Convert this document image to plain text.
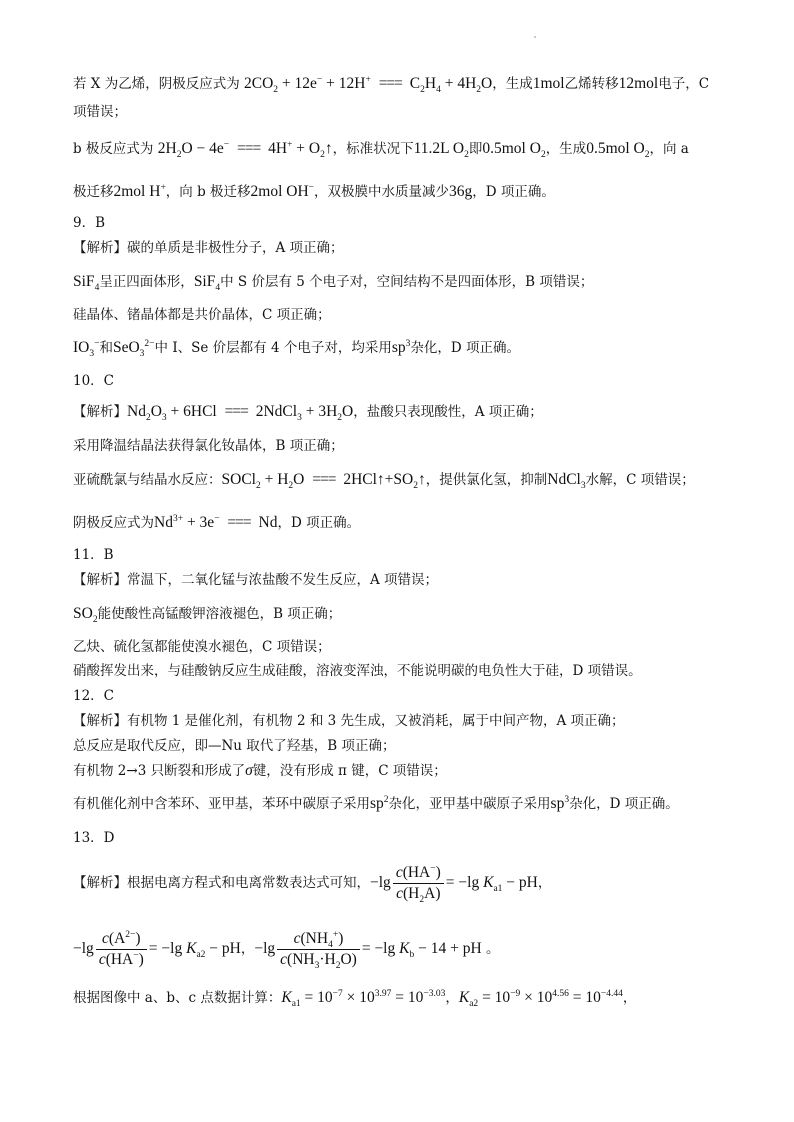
若 X 为乙烯，阴极反应式为 $2CO_2 + 12e^- + 12H^+$ === $C_2H_4 + 4H_2O$，生成1mol乙烯转移12mol电子，C
项错误；
b 极反应式为 $2H_2O - 4e^-$ === $4H^+ + O_2↑$，标准状况下11.2L $O_2$即0.5mol $O_2$，生成0.5mol $O_2$，向 a
极迁移2mol H+，向 b 极迁移2mol OH−，双极膜中水质量减少36g，D 项正确。
9．B
【解析】碳的单质是非极性分子，A 项正确；
SiF$_4$呈正四面体形，SiF$_4$中 S 价层有 5 个电子对，空间结构不是四面体形，B 项错误；
硅晶体、锗晶体都是共价晶体，C 项正确；
$IO_3^-$和SeO$_3^{2-}$中 I、Se 价层都有 4 个电子对，均采用$sp^3$杂化，D 项正确。
10．C
【解析】$Nd_2O_3 + 6HCl$ === 2NdCl$_3$ + $3H_2O$，盐酸只表现酸性，A 项正确；
采用降温结晶法获得氯化钕晶体，B 项正确；
亚硫酰氯与结晶水反应：SOCl$_2$ + $H_2O$ === $2HCl↑+SO_2↑$，提供氯化氢，抑制NdCl$_3$水解，C 项错误；
阴极反应式为$Nd^{3+} + 3e^-$ === Nd，D 项正确。
11．B
【解析】常温下，二氧化锰与浓盐酸不发生反应，A 项错误；
$SO_2$能使酸性高锰酸钾溶液褪色，B 项正确；
乙炔、硫化氢都能使溴水褪色，C 项错误；
硝酸挥发出来，与硅酸钠反应生成硅酸，溶液变浑浊，不能说明碳的电负性大于硅，D 项错误。
12．C
【解析】有机物 1 是催化剂，有机物 2 和 3 先生成，又被消耗，属于中间产物，A 项正确；
总反应是取代反应，即—Nu 取代了羟基，B 项正确；
有机物 2→3 只断裂和形成了σ键，没有形成 π 键，C 项错误；
有机催化剂中含苯环、亚甲基，苯环中碳原子采用$sp^2$杂化，亚甲基中碳原子采用$sp^3$杂化，D 项正确。
13．D
【解析】根据电离方程式和电离常数表达式可知，$-\lg \frac{c(HA^-)}{c(H_2A)} = -\lg$ $K_{a1}$ − pH，
$-\lg \frac{c(A^{2-})}{c(HA^-)} = -\lg$ $K_{a2}$ − pH，$-\lg \frac{c(NH_4^+)}{c(NH_3\cdot H_2O)} = -\lg$ $K_b - 14$ + pH 。
根据图像中 a、b、c 点数据计算：$K_{a1} = 10^{-7} \times 10^{3.97} = 10^{-3.03}$，$K_{a2} = 10^{-9} \times 10^{4.56} = 10^{-4.44}$，
